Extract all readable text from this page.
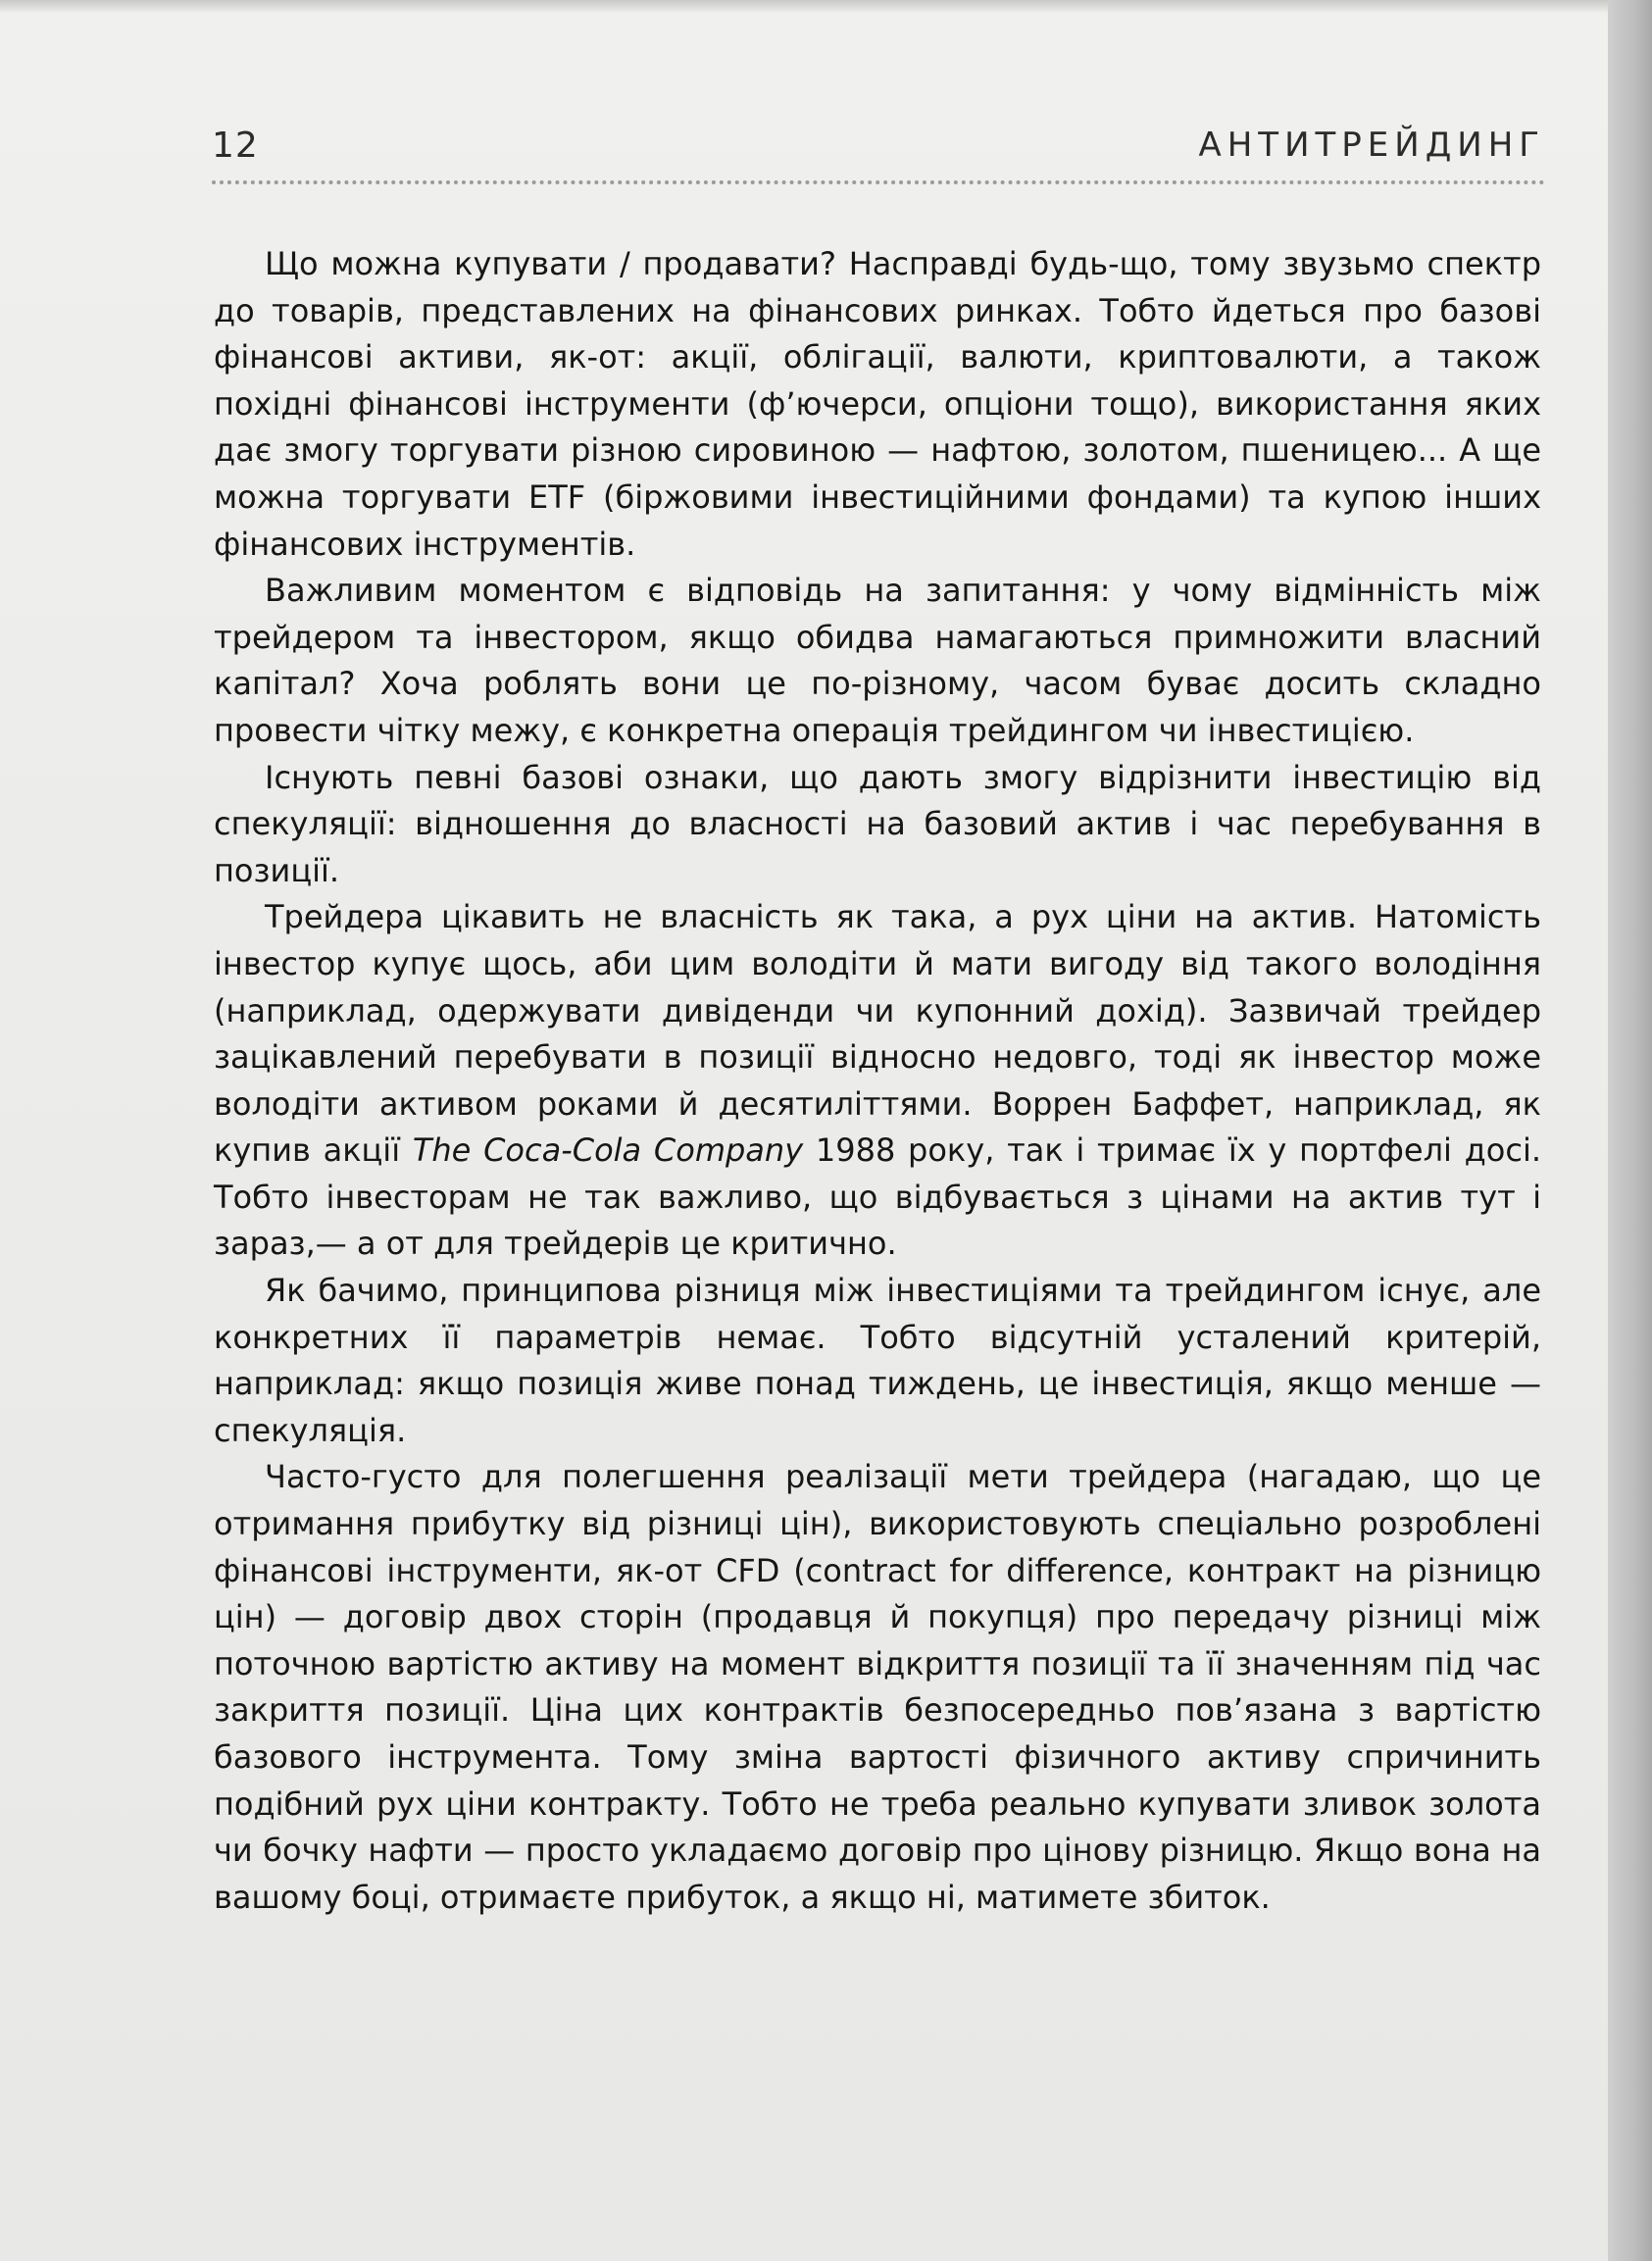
12	АНТИТРЕЙДИНГ

Що можна купувати / продавати? Насправді будь-що, тому звузьмо спектр до товарів, представлених на фінансових ринках. Тобто йдеться про базові фінансові активи, як-от: акції, облігації, валюти, криптовалюти, а також похідні фінансові інструменти (ф’ючерси, опціони тощо), використання яких дає змогу торгувати різною сировиною — нафтою, золотом, пшеницею... А ще можна торгувати ETF (біржовими інвестиційними фондами) та купою інших фінансових інструментів.

Важливим моментом є відповідь на запитання: у чому відмінність між трейдером та інвестором, якщо обидва намагаються примножити власний капітал? Хоча роблять вони це по-різному, часом буває досить складно провести чітку межу, є конкретна операція трейдингом чи інвестицією.

Існують певні базові ознаки, що дають змогу відрізнити інвестицію від спекуляції: відношення до власності на базовий актив і час перебування в позиції.

Трейдера цікавить не власність як така, а рух ціни на актив. Натомість інвестор купує щось, аби цим володіти й мати вигоду від такого володіння (наприклад, одержувати дивіденди чи купонний дохід). Зазвичай трейдер зацікавлений перебувати в позиції відносно недовго, тоді як інвестор може володіти активом роками й десятиліттями. Воррен Баффет, наприклад, як купив акції The Coca-Cola Company 1988 року, так і тримає їх у портфелі досі. Тобто інвесторам не так важливо, що відбувається з цінами на актив тут і зараз,— а от для трейдерів це критично.

Як бачимо, принципова різниця між інвестиціями та трейдингом існує, але конкретних її параметрів немає. Тобто відсутній усталений критерій, наприклад: якщо позиція живе понад тиждень, це інвестиція, якщо менше — спекуляція.

Часто-густо для полегшення реалізації мети трейдера (нагадаю, що це отримання прибутку від різниці цін), використовують спеціально розроблені фінансові інструменти, як-от CFD (contract for difference, контракт на різницю цін) — договір двох сторін (продавця й покупця) про передачу різниці між поточною вартістю активу на момент відкриття позиції та її значенням під час закриття позиції. Ціна цих контрактів безпосередньо пов’язана з вартістю базового інструмента. Тому зміна вартості фізичного активу спричинить подібний рух ціни контракту. Тобто не треба реально купувати зливок золота чи бочку нафти — просто укладаємо договір про цінову різницю. Якщо вона на вашому боці, отримаєте прибуток, а якщо ні, матимете збиток.
